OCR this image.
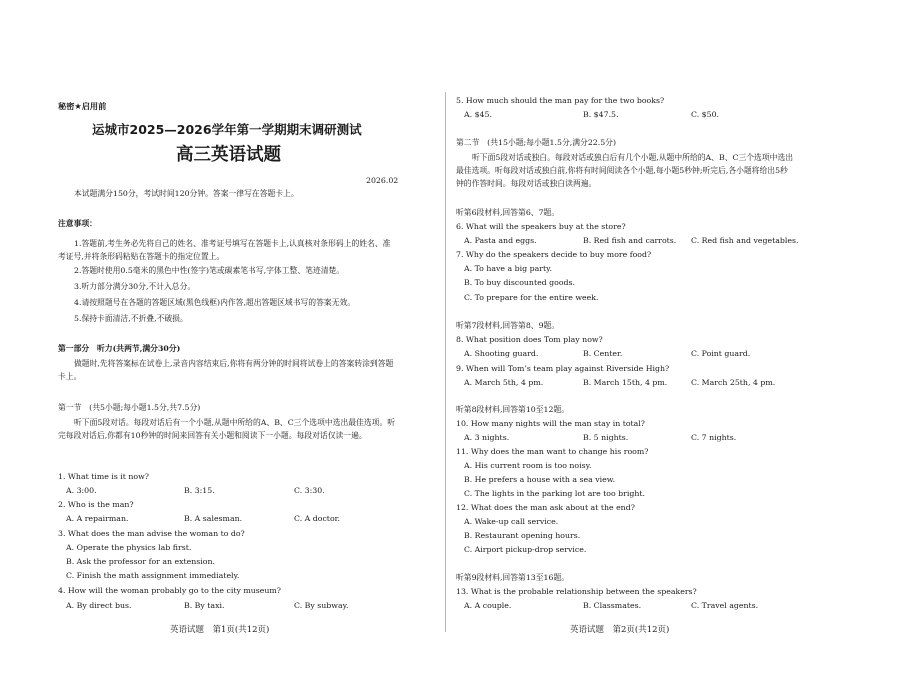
秘密★启用前
运城市2025—2026学年第一学期期末调研测试
高三英语试题
2026.02
本试题满分150分，考试时间120分钟。答案一律写在答题卡上。
注意事项：
1.答题前,考生务必先将自己的姓名、准考证号填写在答题卡上,认真核对条形码上的姓名、准考证号,并将条形码粘贴在答题卡的指定位置上。
2.答题时使用0.5毫米的黑色中性(签字)笔或碳素笔书写,字体工整、笔迹清楚。
3.听力部分满分30分,不计入总分。
4.请按照题号在各题的答题区域(黑色线框)内作答,超出答题区域书写的答案无效。
5.保持卡面清洁,不折叠,不破损。
第一部分　听力(共两节,满分30分)
做题时,先将答案标在试卷上,录音内容结束后,你将有两分钟的时间将试卷上的答案转涂到答题卡上。
第一节　(共5小题;每小题1.5分,共7.5分)
听下面5段对话。每段对话后有一个小题,从题中所给的A、B、C三个选项中选出最佳选项。听完每段对话后,你都有10秒钟的时间来回答有关小题和阅读下一小题。每段对话仅读一遍。
1. What time is it now?
A. 3:00.	B. 3:15.	C. 3:30.
2. Who is the man?
A. A repairman.	B. A salesman.	C. A doctor.
3. What does the man advise the woman to do?
A. Operate the physics lab first.
B. Ask the professor for an extension.
C. Finish the math assignment immediately.
4. How will the woman probably go to the city museum?
A. By direct bus.	B. By taxi.	C. By subway.
英语试题　第1页(共12页)
5. How much should the man pay for the two books?
A. $45.	B. $47.5.	C. $50.
第二节　(共15小题;每小题1.5分,满分22.5分)
听下面5段对话或独白。每段对话或独白后有几个小题,从题中所给的A、B、C三个选项中选出最佳选项。听每段对话或独白前,你将有时间阅读各个小题,每小题5秒钟;听完后,各小题将给出5秒钟的作答时间。每段对话或独白读两遍。
听第6段材料,回答第6、7题。
6. What will the speakers buy at the store?
A. Pasta and eggs.	B. Red fish and carrots. C. Red fish and vegetables.
7. Why do the speakers decide to buy more food?
A. To have a big party.
B. To buy discounted goods.
C. To prepare for the entire week.
听第7段材料,回答第8、9题。
8. What position does Tom play now?
A. Shooting guard.	B. Center.	C. Point guard.
9. When will Tom’s team play against Riverside High?
A. March 5th, 4 pm.	B. March 15th, 4 pm.	C. March 25th, 4 pm.
听第8段材料,回答第10至12题。
10. How many nights will the man stay in total?
A. 3 nights.	B. 5 nights.	C. 7 nights.
11. Why does the man want to change his room?
A. His current room is too noisy.
B. He prefers a house with a sea view.
C. The lights in the parking lot are too bright.
12. What does the man ask about at the end?
A. Wake-up call service.
B. Restaurant opening hours.
C. Airport pickup-drop service.
听第9段材料,回答第13至16题。
13. What is the probable relationship between the speakers?
A. A couple.	B. Classmates.	C. Travel agents.
英语试题　第2页(共12页)
